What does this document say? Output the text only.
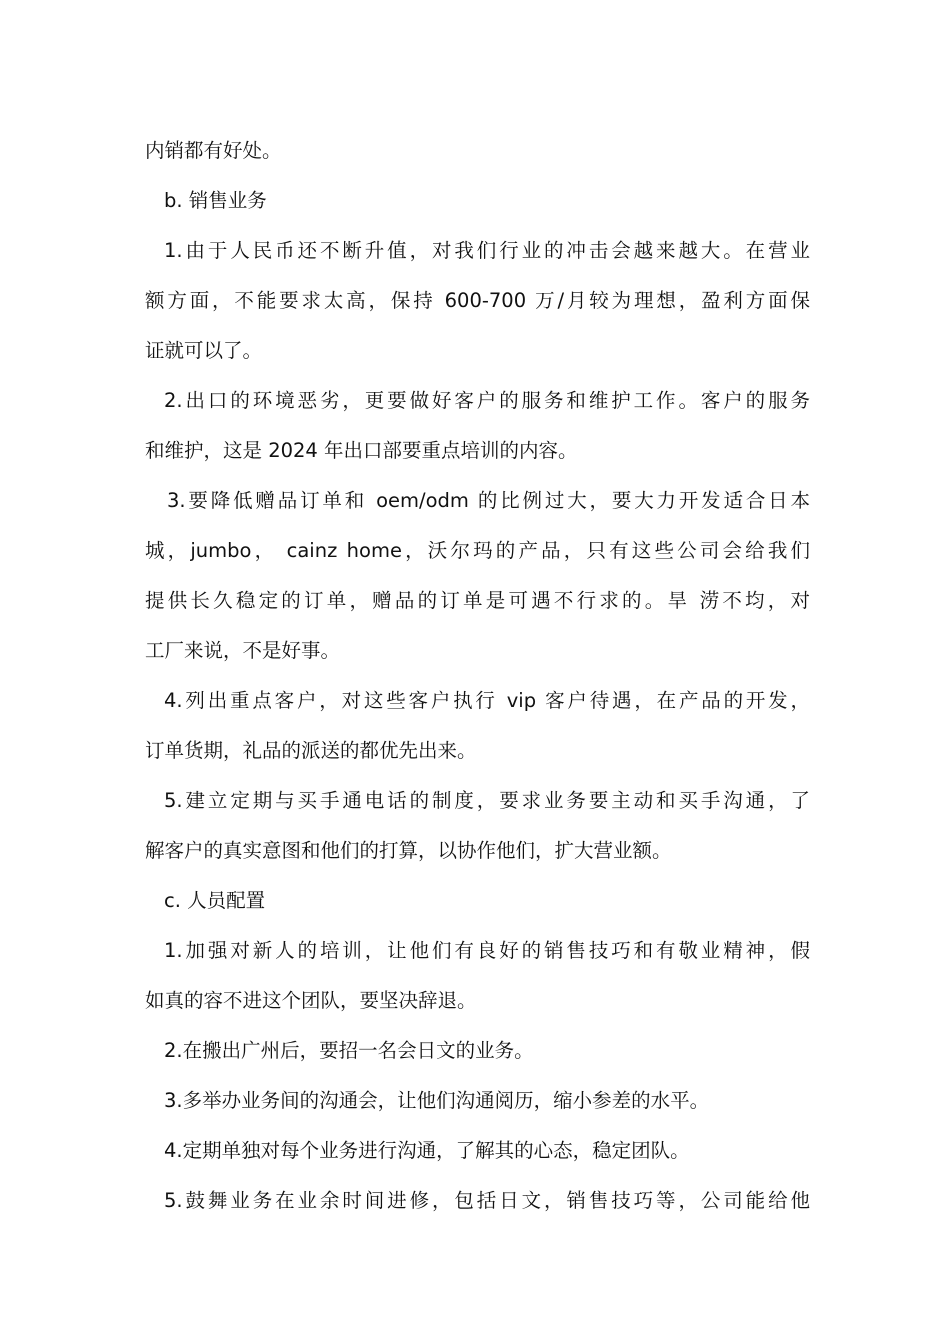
内销都有好处。
b. 销售业务
1.由于人民币还不断升值，对我们行业的冲击会越来越大。在营业
额方面，不能要求太高，保持 600-700 万/月较为理想，盈利方面保
证就可以了。
2.出口的环境恶劣，更要做好客户的服务和维护工作。客户的服务
和维护，这是 2024 年出口部要重点培训的内容。
3.要降低赠品订单和 oem/odm 的比例过大，要大力开发适合日本
城，jumbo， cainz home，沃尔玛的产品，只有这些公司会给我们
提供长久稳定的订单，赠品的订单是可遇不行求的。旱 涝不均，对
工厂来说，不是好事。
4.列出重点客户，对这些客户执行 vip 客户待遇，在产品的开发，
订单货期，礼品的派送的都优先出来。
5.建立定期与买手通电话的制度，要求业务要主动和买手沟通，了
解客户的真实意图和他们的打算，以协作他们，扩大营业额。
c. 人员配置
1.加强对新人的培训，让他们有良好的销售技巧和有敬业精神，假
如真的容不进这个团队，要坚决辞退。
2.在搬出广州后，要招一名会日文的业务。
3.多举办业务间的沟通会，让他们沟通阅历，缩小参差的水平。
4.定期单独对每个业务进行沟通，了解其的心态，稳定团队。
5.鼓舞业务在业余时间进修，包括日文，销售技巧等，公司能给他
